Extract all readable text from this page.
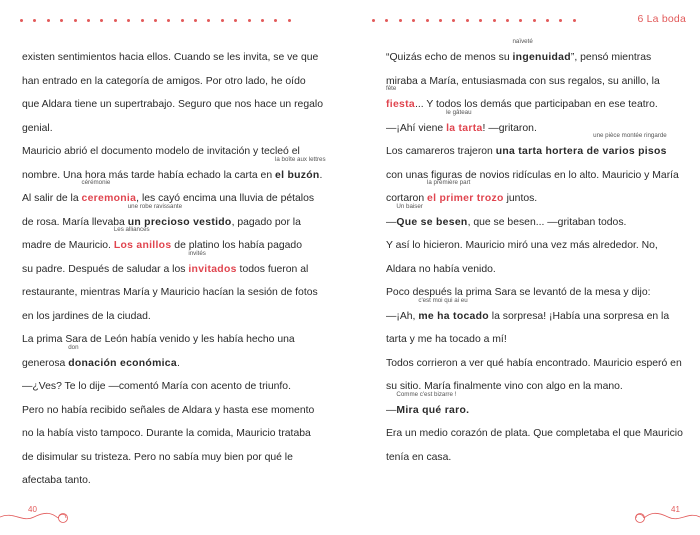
existen sentimientos hacia ellos. Cuando se les invita, se ve que
han entrado en la categoría de amigos. Por otro lado, he oído
que Aldara tiene un supertrabajo. Seguro que nos hace un regalo
genial.
Mauricio abrió el documento modelo de invitación y tecleó el
nombre. Una hora más tarde había echado la carta en
la boîte aux lettres
el buzón.
Al salir de la
cérémonie
ceremonia, les cayó encima una lluvia de pétalos
de rosa. María llevaba
une robe ravissante
un precioso vestido, pagado por la
madre de Mauricio.
Les alliances
Los anillos de platino los había pagado
su padre. Después de saludar a los
invités
invitados todos fueron al
restaurante, mientras María y Mauricio hacían la sesión de fotos
en los jardines de la ciudad.
La prima Sara de León había venido y les había hecho una
generosa
don
donación económica.
—¿Ves? Te lo dije —comentó María con acento de triunfo.
Pero no había recibido señales de Aldara y hasta ese momento
no la había visto tampoco. Durante la comida, Mauricio trataba
de disimular su tristeza. Pero no sabía muy bien por qué le
afectaba tanto.
40
6 La boda
“Quizás echo de menos su
naïveté
ingenuidad”, pensó mientras
miraba a María, entusiasmada con sus regalos, su anillo, la
fête
fiesta... Y todos los demás que participaban en ese teatro.
—¡Ahí viene
le gâteau
la tarta! —gritaron.
Los camareros trajeron
une pièce montée ringarde
una tarta hortera de varios pisos
con unas figuras de novios ridículas en lo alto. Mauricio y María
cortaron
la première part
el primer trozo juntos.
—
Un baiser
Que se besen, que se besen... —gritaban todos.
Y así lo hicieron. Mauricio miró una vez más alrededor. No,
Aldara no había venido.
Poco después la prima Sara se levantó de la mesa y dijo:
—¡Ah,
c'est moi qui ai eu
me ha tocado la sorpresa! ¡Había una sorpresa en la
tarta y me ha tocado a mí!
Todos corrieron a ver qué había encontrado. Mauricio esperó en
su sitio. María finalmente vino con algo en la mano.
—
Comme c'est bizarre !
Mira qué raro.
Era un medio corazón de plata. Que completaba el que Mauricio
tenía en casa.
41
